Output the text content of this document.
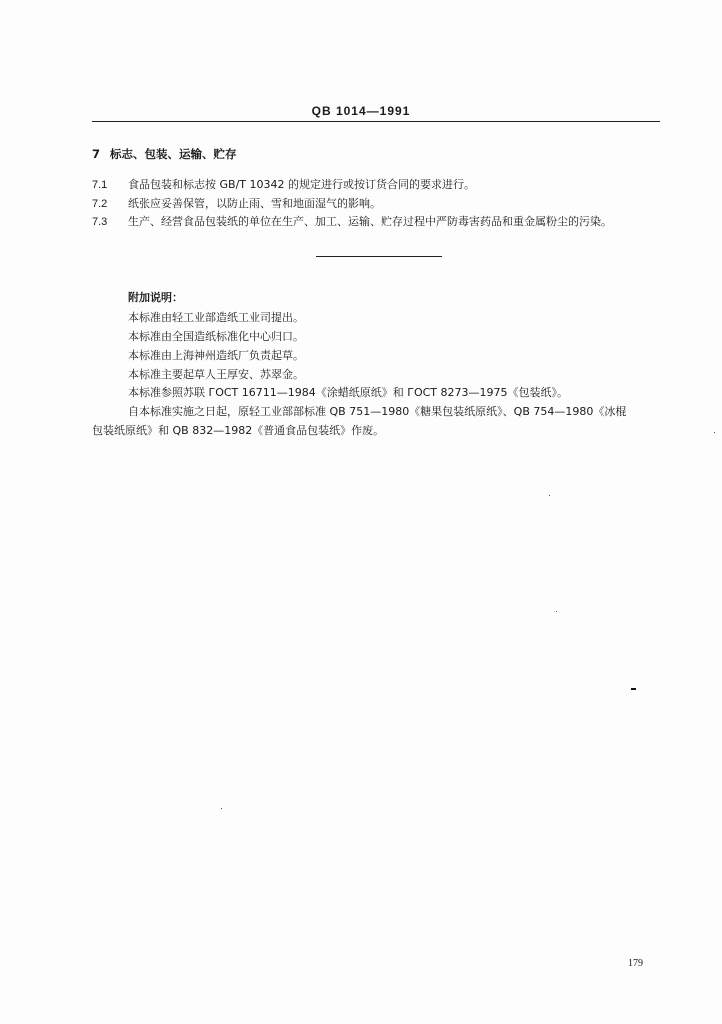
QB 1014—1991
7 标志、包装、运输、贮存
7.1 食品包装和标志按 GB/T 10342 的规定进行或按订货合同的要求进行。
7.2 纸张应妥善保管，以防止雨、雪和地面湿气的影响。
7.3 生产、经营食品包装纸的单位在生产、加工、运输、贮存过程中严防毒害药品和重金属粉尘的污染。
附加说明：
本标准由轻工业部造纸工业司提出。
本标准由全国造纸标准化中心归口。
本标准由上海神州造纸厂负责起草。
本标准主要起草人王厚安、苏翠金。
本标准参照苏联 ГОСТ 16711—1984《涂蜡纸原纸》和 ГОСТ 8273—1975《包装纸》。
自本标准实施之日起，原轻工业部部标准 QB 751—1980《糖果包装纸原纸》、QB 754—1980《冰棍
包装纸原纸》和 QB 832—1982《普通食品包装纸》作废。
179
